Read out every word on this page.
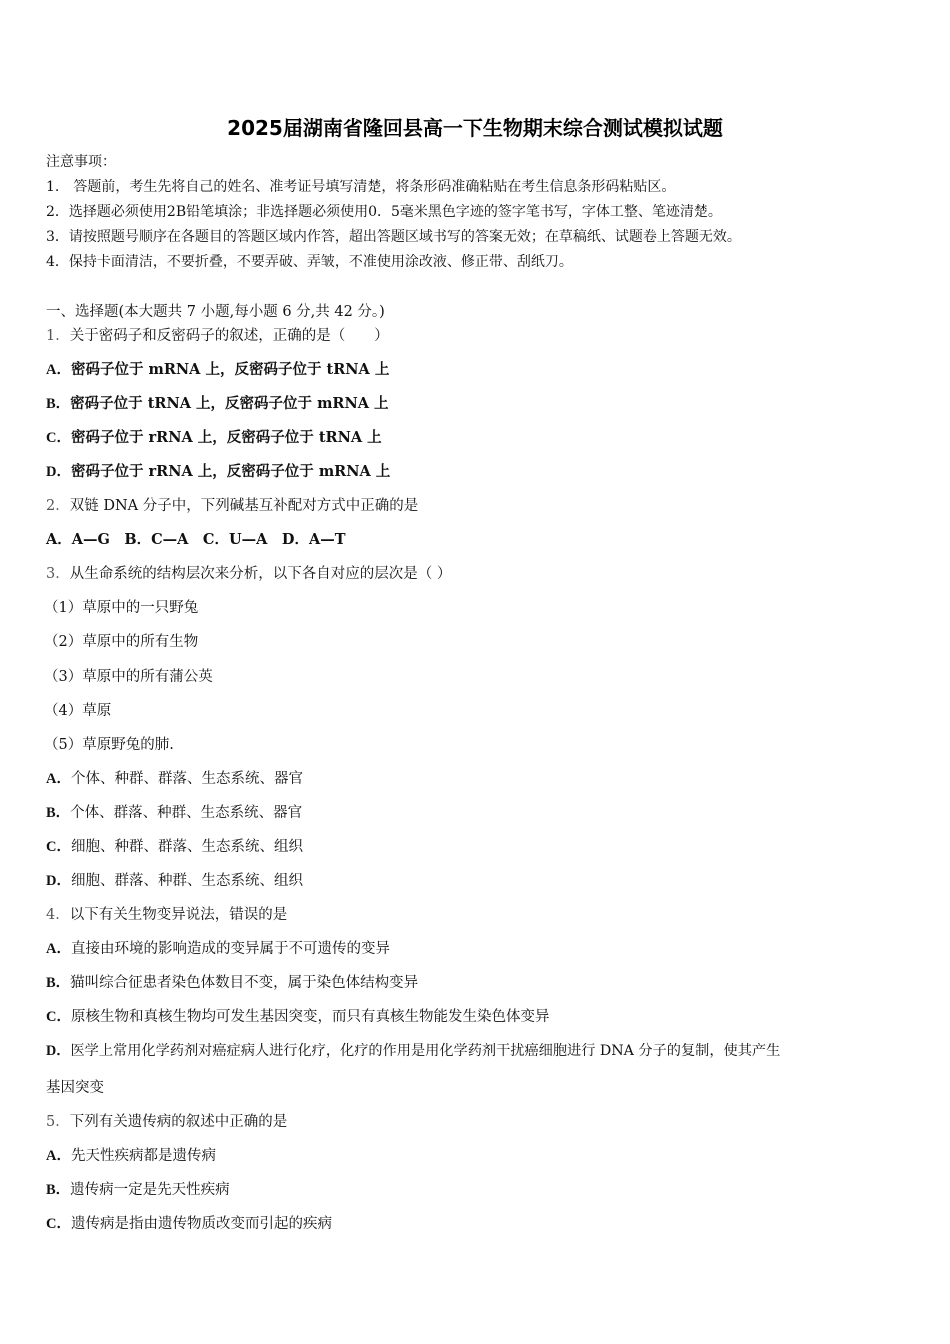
2025届湖南省隆回县高一下生物期末综合测试模拟试题
注意事项：
1.　答题前，考生先将自己的姓名、准考证号填写清楚，将条形码准确粘贴在考生信息条形码粘贴区。
2．选择题必须使用2B铅笔填涂；非选择题必须使用0．5毫米黑色字迹的签字笔书写，字体工整、笔迹清楚。
3．请按照题号顺序在各题目的答题区域内作答，超出答题区域书写的答案无效；在草稿纸、试题卷上答题无效。
4．保持卡面清洁，不要折叠，不要弄破、弄皱，不准使用涂改液、修正带、刮纸刀。
一、选择题(本大题共 7 小题,每小题 6 分,共 42 分。)
1．关于密码子和反密码子的叙述，正确的是（　　）
A．密码子位于 mRNA 上，反密码子位于 tRNA 上
B．密码子位于 tRNA 上，反密码子位于 mRNA 上
C．密码子位于 rRNA 上，反密码子位于 tRNA 上
D．密码子位于 rRNA 上，反密码子位于 mRNA 上
2．双链 DNA 分子中，下列碱基互补配对方式中正确的是
A．A—G　B．C—A　C．U—A　D．A—T
3．从生命系统的结构层次来分析，以下各自对应的层次是（ ）
（1）草原中的一只野兔
（2）草原中的所有生物
（3）草原中的所有蒲公英
（4）草原
（5）草原野兔的肺.
A．个体、种群、群落、生态系统、器官
B．个体、群落、种群、生态系统、器官
C．细胞、种群、群落、生态系统、组织
D．细胞、群落、种群、生态系统、组织
4．以下有关生物变异说法，错误的是
A．直接由环境的影响造成的变异属于不可遗传的变异
B．猫叫综合征患者染色体数目不变，属于染色体结构变异
C．原核生物和真核生物均可发生基因突变，而只有真核生物能发生染色体变异
D．医学上常用化学药剂对癌症病人进行化疗，化疗的作用是用化学药剂干扰癌细胞进行 DNA 分子的复制，使其产生
基因突变
5．下列有关遗传病的叙述中正确的是
A．先天性疾病都是遗传病
B．遗传病一定是先天性疾病
C．遗传病是指由遗传物质改变而引起的疾病
